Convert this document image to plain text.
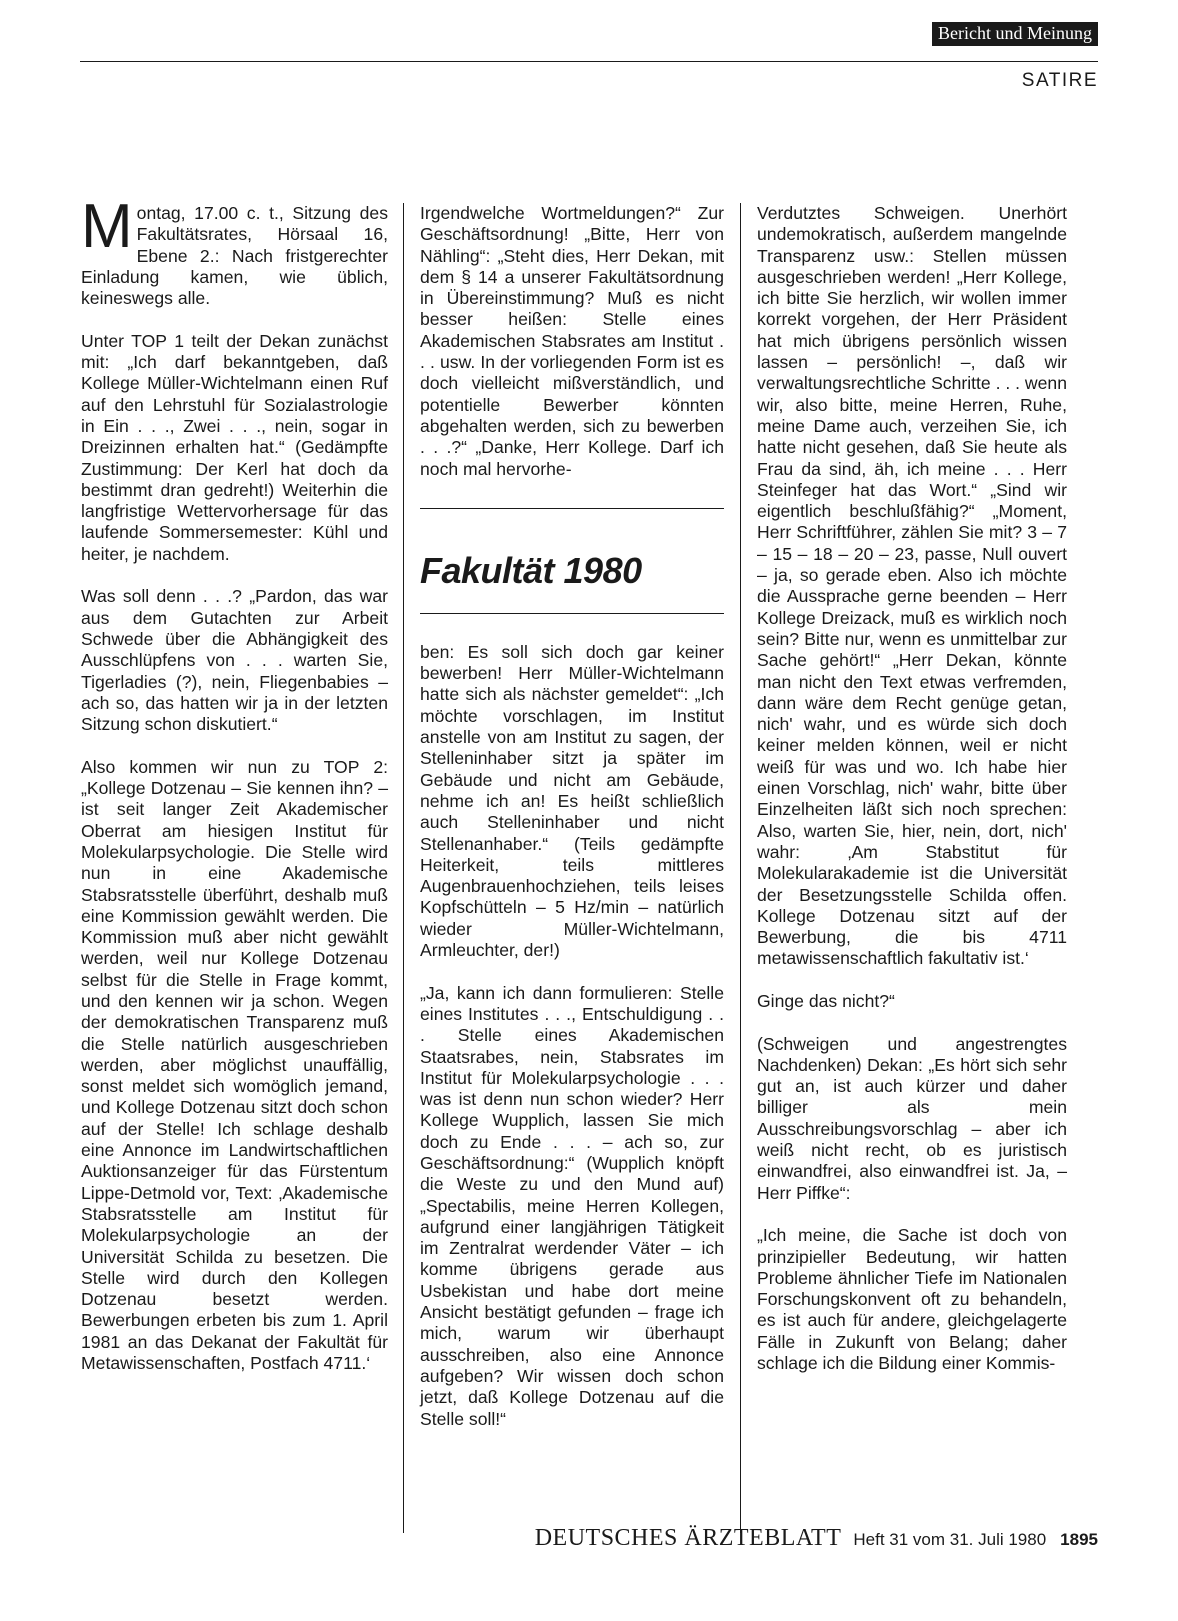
Bericht und Meinung
SATIRE

Montag, 17.00 c. t., Sitzung des Fakultätsrates, Hörsaal 16, Ebene 2.: Nach fristgerechter Einladung kamen, wie üblich, keineswegs alle.

Unter TOP 1 teilt der Dekan zunächst mit: „Ich darf bekanntgeben, daß Kollege Müller-Wichtelmann einen Ruf auf den Lehrstuhl für Sozialastrologie in Ein . . ., Zwei . . ., nein, sogar in Dreizinnen erhalten hat.“ (Gedämpfte Zustimmung: Der Kerl hat doch da bestimmt dran gedreht!) Weiterhin die langfristige Wettervorhersage für das laufende Sommersemester: Kühl und heiter, je nachdem.

Was soll denn . . .? „Pardon, das war aus dem Gutachten zur Arbeit Schwede über die Abhängigkeit des Ausschlüpfens von . . . warten Sie, Tigerladies (?), nein, Fliegenbabies – ach so, das hatten wir ja in der letzten Sitzung schon diskutiert.“

Also kommen wir nun zu TOP 2: „Kollege Dotzenau – Sie kennen ihn? – ist seit langer Zeit Akademischer Oberrat am hiesigen Institut für Molekularpsychologie. Die Stelle wird nun in eine Akademische Stabsratsstelle überführt, deshalb muß eine Kommission gewählt werden. Die Kommission muß aber nicht gewählt werden, weil nur Kollege Dotzenau selbst für die Stelle in Frage kommt, und den kennen wir ja schon. Wegen der demokratischen Transparenz muß die Stelle natürlich ausgeschrieben werden, aber möglichst unauffällig, sonst meldet sich womöglich jemand, und Kollege Dotzenau sitzt doch schon auf der Stelle! Ich schlage deshalb eine Annonce im Landwirtschaftlichen Auktionsanzeiger für das Fürstentum Lippe-Detmold vor, Text: ‚Akademische Stabsratsstelle am Institut für Molekularpsychologie an der Universität Schilda zu besetzen. Die Stelle wird durch den Kollegen Dotzenau besetzt werden. Bewerbungen erbeten bis zum 1. April 1981 an das Dekanat der Fakultät für Metawissenschaften, Postfach 4711.‘

Irgendwelche Wortmeldungen?“ Zur Geschäftsordnung! „Bitte, Herr von Nähling“: „Steht dies, Herr Dekan, mit dem § 14 a unserer Fakultätsordnung in Übereinstimmung? Muß es nicht besser heißen: Stelle eines Akademischen Stabsrates am Institut . . . usw. In der vorliegenden Form ist es doch vielleicht mißverständlich, und potentielle Bewerber könnten abgehalten werden, sich zu bewerben . . .?“ „Danke, Herr Kollege. Darf ich noch mal hervorhe-

Fakultät 1980

ben: Es soll sich doch gar keiner bewerben! Herr Müller-Wichtelmann hatte sich als nächster gemeldet“: „Ich möchte vorschlagen, im Institut anstelle von am Institut zu sagen, der Stelleninhaber sitzt ja später im Gebäude und nicht am Gebäude, nehme ich an! Es heißt schließlich auch Stelleninhaber und nicht Stellenanhaber.“ (Teils gedämpfte Heiterkeit, teils mittleres Augenbrauenhochziehen, teils leises Kopfschütteln – 5 Hz/min – natürlich wieder Müller-Wichtelmann, Armleuchter, der!)

„Ja, kann ich dann formulieren: Stelle eines Institutes . . ., Entschuldigung . . . Stelle eines Akademischen Staatsrabes, nein, Stabsrates im Institut für Molekularpsychologie . . . was ist denn nun schon wieder? Herr Kollege Wupplich, lassen Sie mich doch zu Ende . . . – ach so, zur Geschäftsordnung:“ (Wupplich knöpft die Weste zu und den Mund auf) „Spectabilis, meine Herren Kollegen, aufgrund einer langjährigen Tätigkeit im Zentralrat werdender Väter – ich komme übrigens gerade aus Usbekistan und habe dort meine Ansicht bestätigt gefunden – frage ich mich, warum wir überhaupt ausschreiben, also eine Annonce aufgeben? Wir wissen doch schon jetzt, daß Kollege Dotzenau auf die Stelle soll!“

Verdutztes Schweigen. Unerhört undemokratisch, außerdem mangelnde Transparenz usw.: Stellen müssen ausgeschrieben werden! „Herr Kollege, ich bitte Sie herzlich, wir wollen immer korrekt vorgehen, der Herr Präsident hat mich übrigens persönlich wissen lassen – persönlich! –, daß wir verwaltungsrechtliche Schritte . . . wenn wir, also bitte, meine Herren, Ruhe, meine Dame auch, verzeihen Sie, ich hatte nicht gesehen, daß Sie heute als Frau da sind, äh, ich meine . . . Herr Steinfeger hat das Wort.“ „Sind wir eigentlich beschlußfähig?“ „Moment, Herr Schriftführer, zählen Sie mit? 3 – 7 – 15 – 18 – 20 – 23, passe, Null ouvert – ja, so gerade eben. Also ich möchte die Aussprache gerne beenden – Herr Kollege Dreizack, muß es wirklich noch sein? Bitte nur, wenn es unmittelbar zur Sache gehört!“ „Herr Dekan, könnte man nicht den Text etwas verfremden, dann wäre dem Recht genüge getan, nich' wahr, und es würde sich doch keiner melden können, weil er nicht weiß für was und wo. Ich habe hier einen Vorschlag, nich' wahr, bitte über Einzelheiten läßt sich noch sprechen: Also, warten Sie, hier, nein, dort, nich' wahr: ‚Am Stabstitut für Molekularakademie ist die Universität der Besetzungsstelle Schilda offen. Kollege Dotzenau sitzt auf der Bewerbung, die bis 4711 metawissenschaftlich fakultativ ist.‘

Ginge das nicht?“

(Schweigen und angestrengtes Nachdenken) Dekan: „Es hört sich sehr gut an, ist auch kürzer und daher billiger als mein Ausschreibungsvorschlag – aber ich weiß nicht recht, ob es juristisch einwandfrei, also einwandfrei ist. Ja, – Herr Piffke“:

„Ich meine, die Sache ist doch von prinzipieller Bedeutung, wir hatten Probleme ähnlicher Tiefe im Nationalen Forschungskonvent oft zu behandeln, es ist auch für andere, gleichgelagerte Fälle in Zukunft von Belang; daher schlage ich die Bildung einer Kommis-

DEUTSCHES ÄRZTEBLATT Heft 31 vom 31. Juli 1980 1895
